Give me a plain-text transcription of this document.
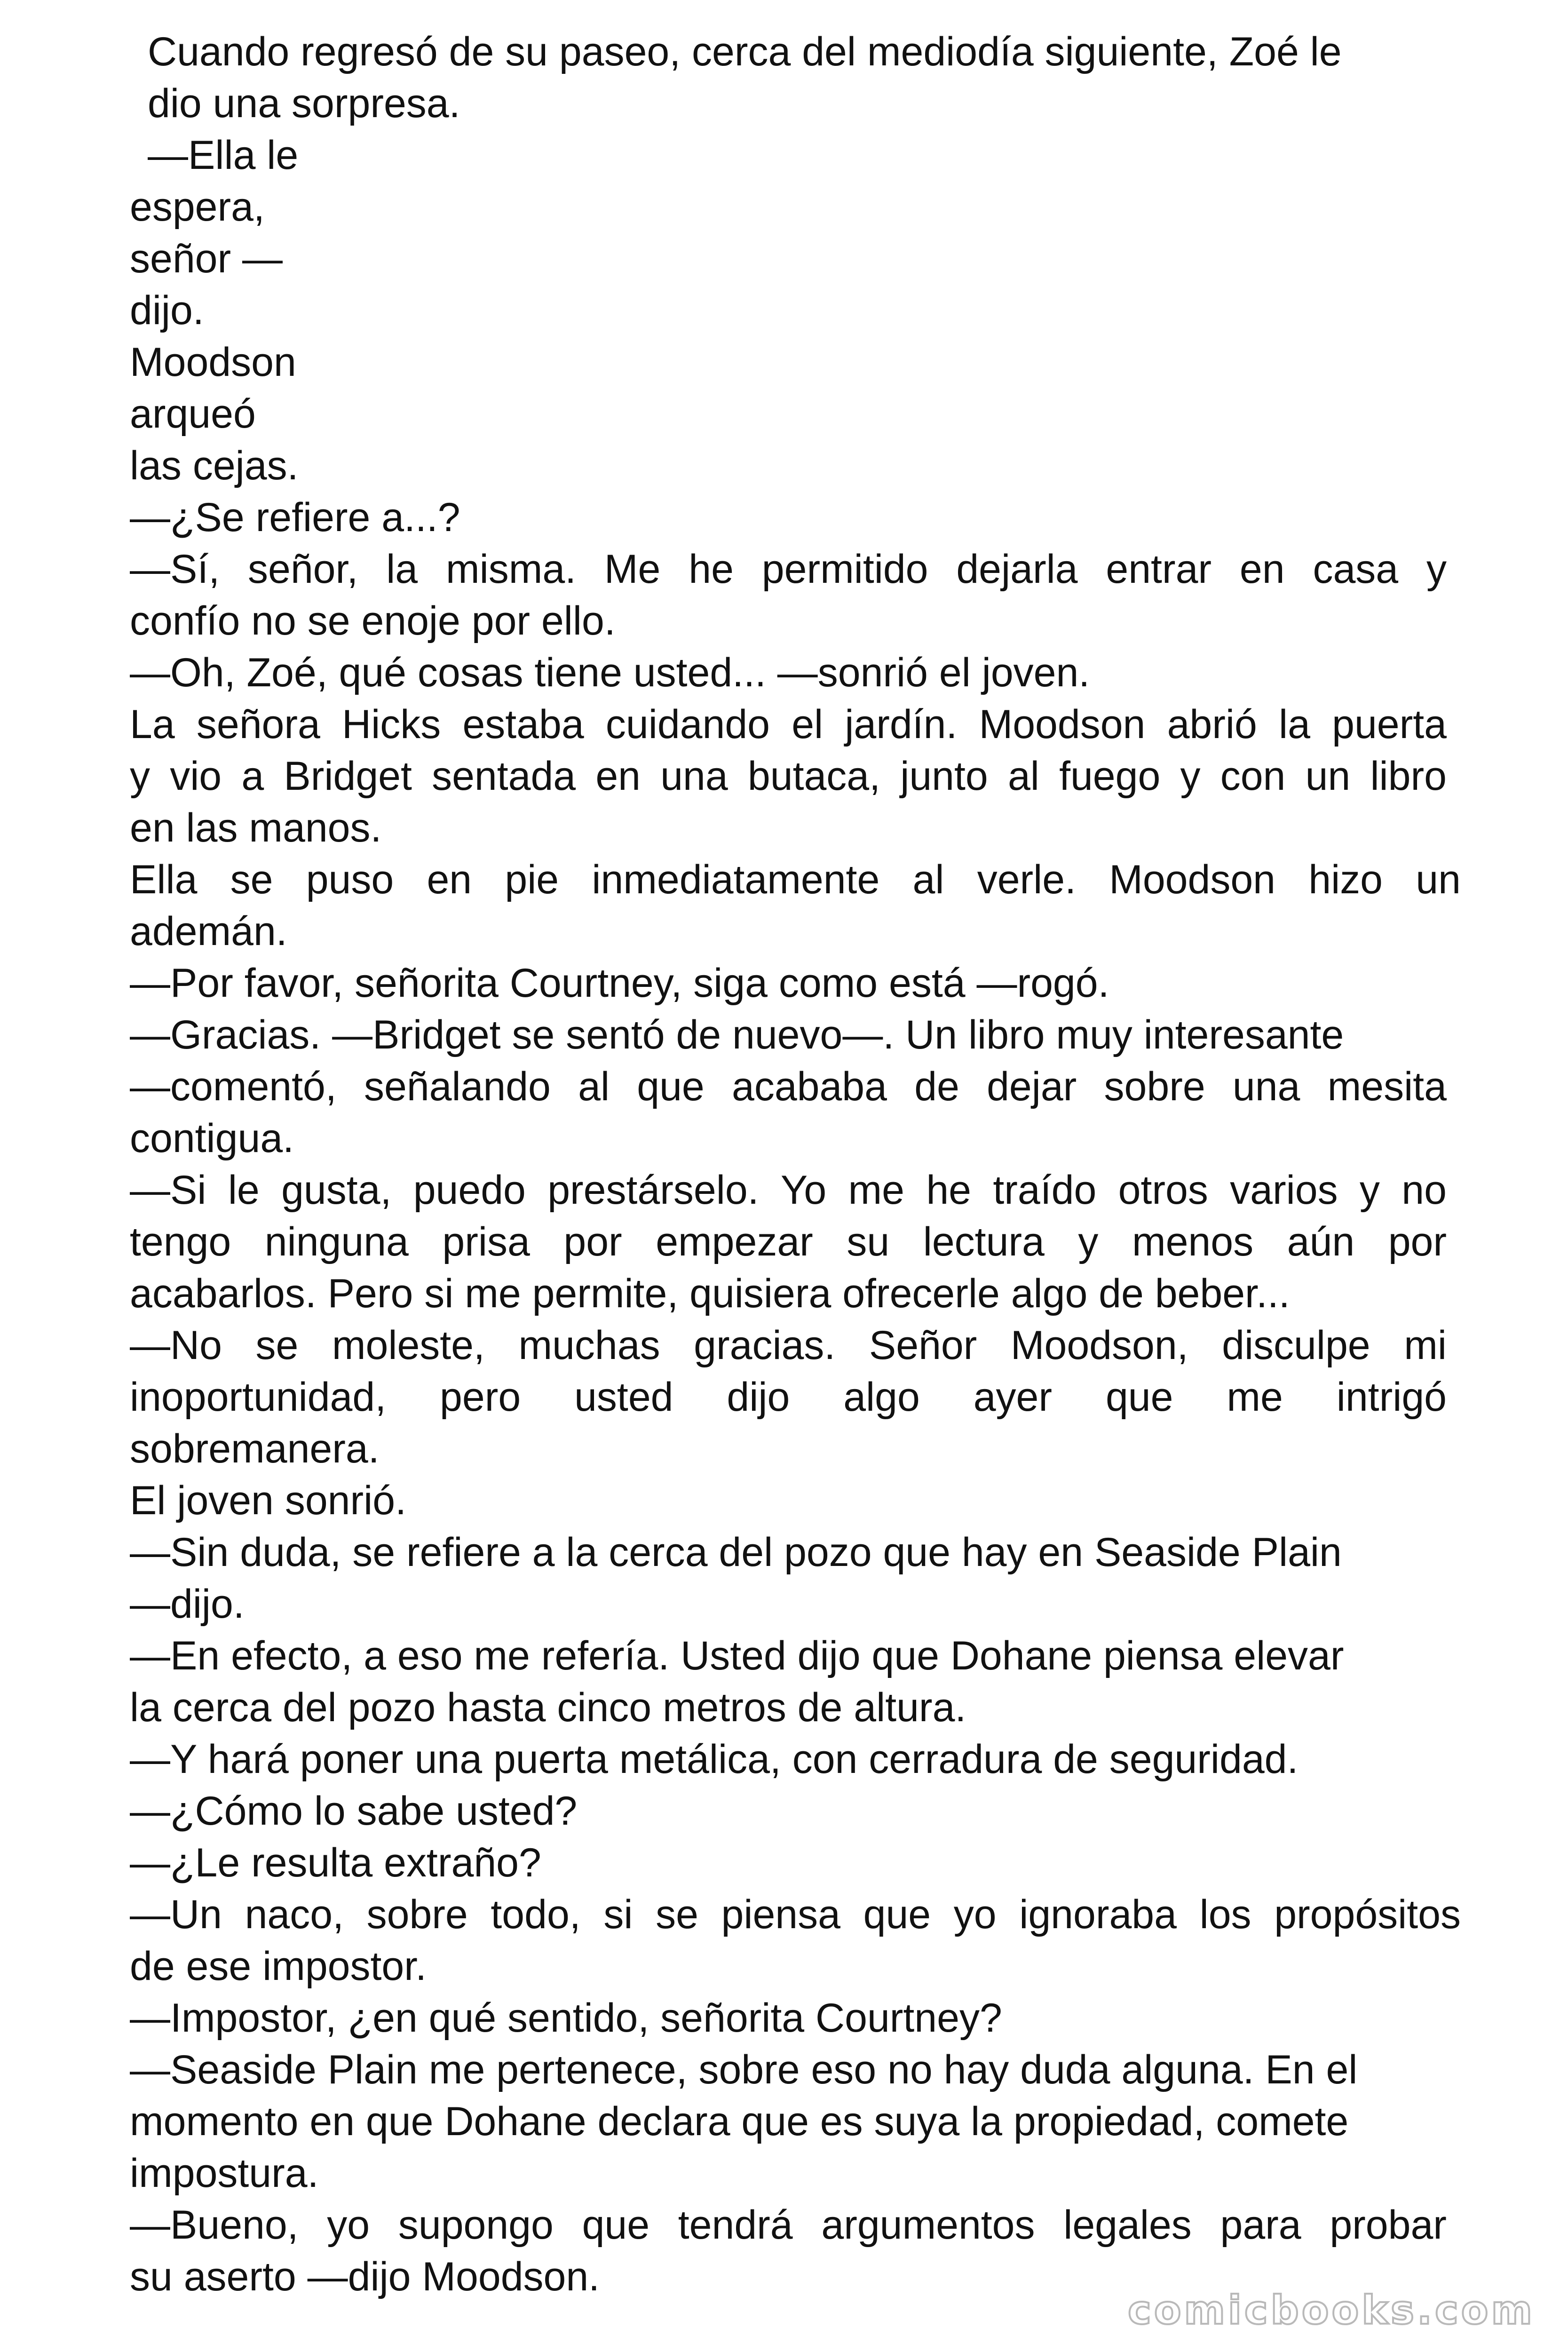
Cuando regresó de su paseo, cerca del mediodía siguiente, Zoé le
dio una sorpresa.
—Ella le
espera,
señor —
dijo.
Moodson
arqueó
las cejas.
—¿Se refiere a...?
—Sí, señor, la misma. Me he permitido dejarla entrar en casa y
confío no se enoje por ello.
—Oh, Zoé, qué cosas tiene usted... —sonrió el joven.
La señora Hicks estaba cuidando el jardín. Moodson abrió la puerta
y vio a Bridget sentada en una butaca, junto al fuego y con un libro
en las manos.
Ella se puso en pie inmediatamente al verle. Moodson hizo un
ademán.
—Por favor, señorita Courtney, siga como está —rogó.
—Gracias. —Bridget se sentó de nuevo—. Un libro muy interesante
—comentó, señalando al que acababa de dejar sobre una mesita
contigua.
—Si le gusta, puedo prestárselo. Yo me he traído otros varios y no
tengo ninguna prisa por empezar su lectura y menos aún por
acabarlos. Pero si me permite, quisiera ofrecerle algo de beber...
—No se moleste, muchas gracias. Señor Moodson, disculpe mi
inoportunidad, pero usted dijo algo ayer que me intrigó
sobremanera.
El joven sonrió.
—Sin duda, se refiere a la cerca del pozo que hay en Seaside Plain
—dijo.
—En efecto, a eso me refería. Usted dijo que Dohane piensa elevar
la cerca del pozo hasta cinco metros de altura.
—Y hará poner una puerta metálica, con cerradura de seguridad.
—¿Cómo lo sabe usted?
—¿Le resulta extraño?
—Un naco, sobre todo, si se piensa que yo ignoraba los propósitos
de ese impostor.
—Impostor, ¿en qué sentido, señorita Courtney?
—Seaside Plain me pertenece, sobre eso no hay duda alguna. En el
momento en que Dohane declara que es suya la propiedad, comete
impostura.
—Bueno, yo supongo que tendrá argumentos legales para probar
su aserto —dijo Moodson.
comicbooks.com
